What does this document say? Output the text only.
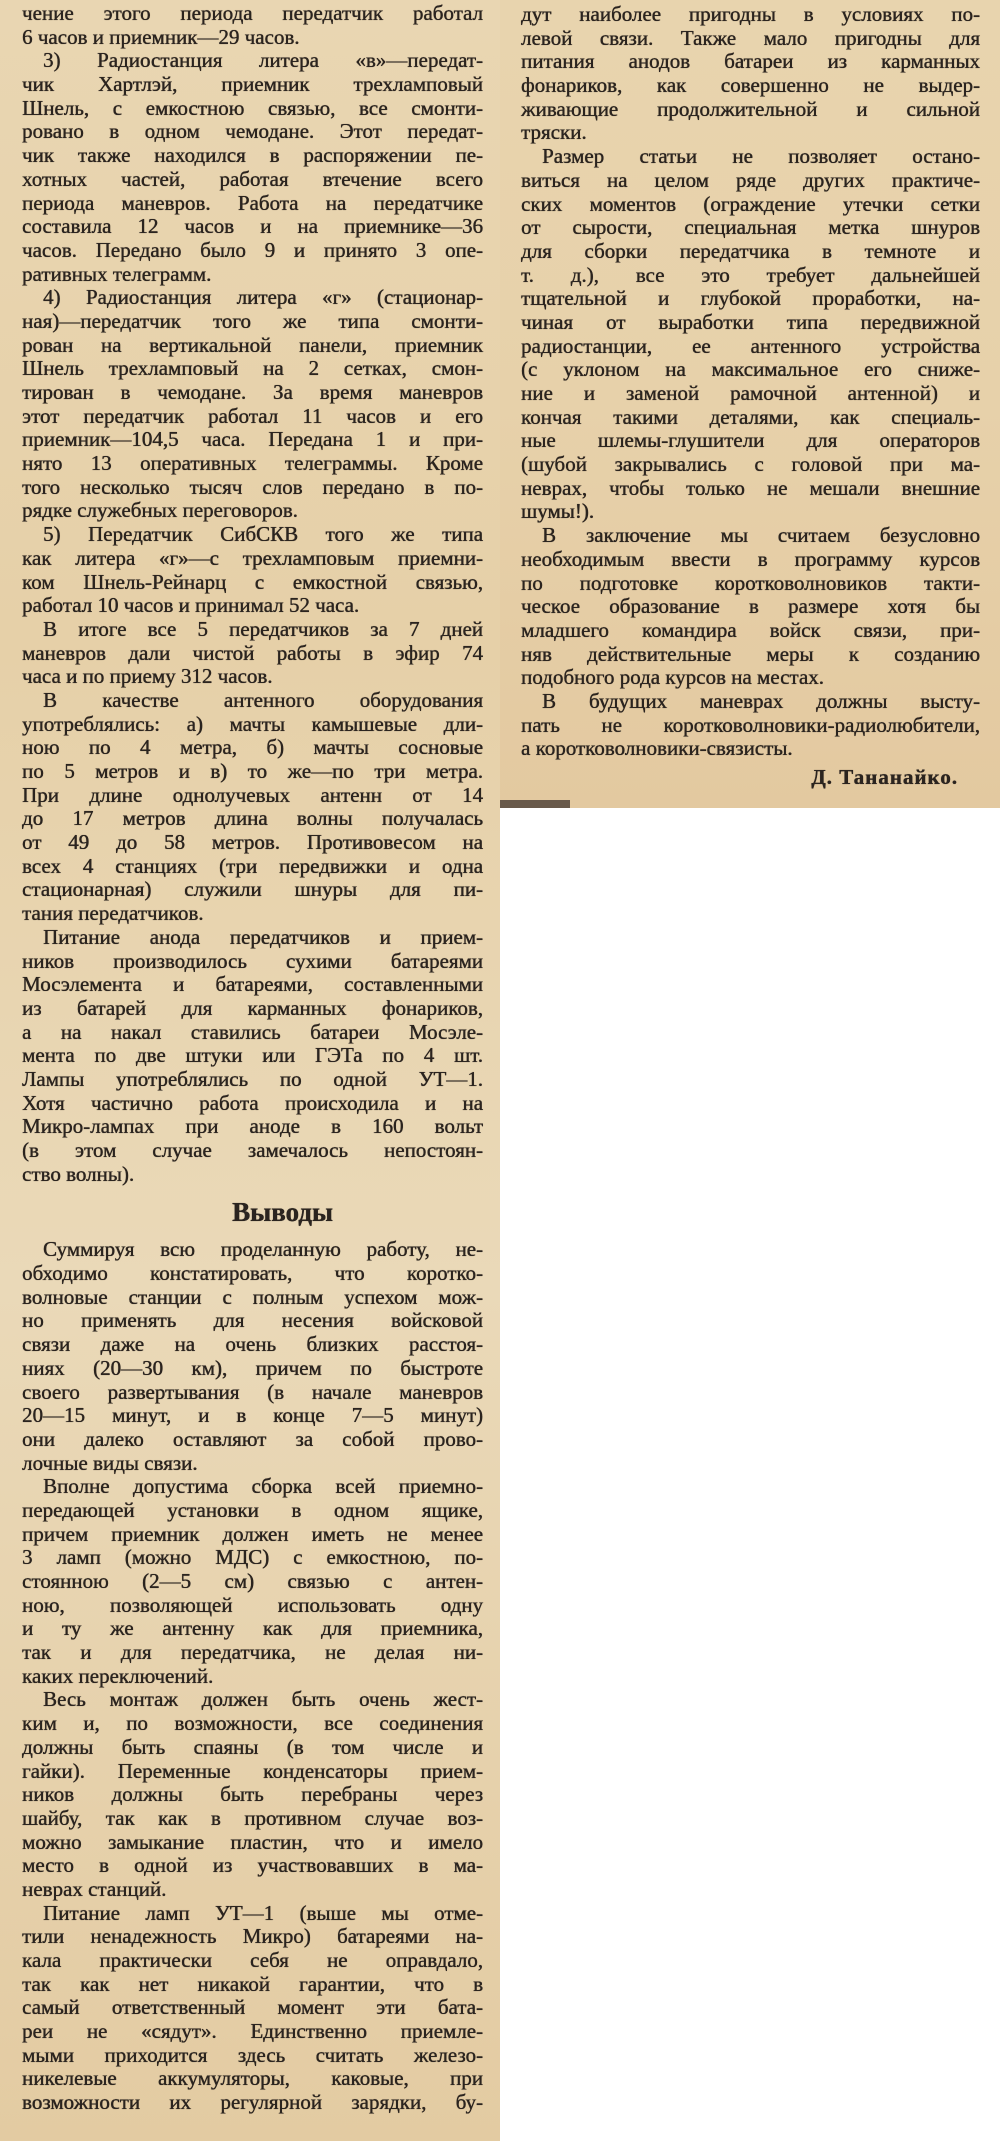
чение этого периода передатчик работал
6 часов и приемник—29 часов.
3) Радиостанция литера «в»—передат-
чик Хартлэй, приемник трехламповый
Шнель, с емкостною связью, все смонти-
ровано в одном чемодане. Этот передат-
чик также находился в распоряжении пе-
хотных частей, работая втечение всего
периода маневров. Работа на передатчике
составила 12 часов и на приемнике—36
часов. Передано было 9 и принято 3 опе-
ративных телеграмм.
4) Радиостанция литера «г» (стационар-
ная)—передатчик того же типа смонти-
рован на вертикальной панели, приемник
Шнель трехламповый на 2 сетках, смон-
тирован в чемодане. За время маневров
этот передатчик работал 11 часов и его
приемник—104,5 часа. Передана 1 и при-
нято 13 оперативных телеграммы. Кроме
того несколько тысяч слов передано в по-
рядке служебных переговоров.
5) Передатчик СибСКВ того же типа
как литера «г»—с трехламповым приемни-
ком Шнель-Рейнарц с емкостной связью,
работал 10 часов и принимал 52 часа.
В итоге все 5 передатчиков за 7 дней
маневров дали чистой работы в эфир 74
часа и по приему 312 часов.
В качестве антенного оборудования
употреблялись: а) мачты камышевые дли-
ною по 4 метра, б) мачты сосновые
по 5 метров и в) то же—по три метра.
При длине однолучевых антенн от 14
до 17 метров длина волны получалась
от 49 до 58 метров. Противовесом на
всех 4 станциях (три передвижки и одна
стационарная) служили шнуры для пи-
тания передатчиков.
Питание анода передатчиков и прием-
ников производилось сухими батареями
Мосэлемента и батареями, составленными
из батарей для карманных фонариков,
а на накал ставились батареи Мосэле-
мента по две штуки или ГЭТа по 4 шт.
Лампы употреблялись по одной УТ—1.
Хотя частично работа происходила и на
Микро-лампах при аноде в 160 вольт
(в этом случае замечалось непостоян-
ство волны).
Выводы
Суммируя всю проделанную работу, не-
обходимо констатировать, что коротко-
волновые станции с полным успехом мож-
но применять для несения войсковой
связи даже на очень близких расстоя-
ниях (20—30 км), причем по быстроте
своего развертывания (в начале маневров
20—15 минут, и в конце 7—5 минут)
они далеко оставляют за собой прово-
лочные виды связи.
Вполне допустима сборка всей приемно-
передающей установки в одном ящике,
причем приемник должен иметь не менее
3 ламп (можно МДС) с емкостною, по-
стоянною (2—5 см) связью с антен-
ною, позволяющей использовать одну
и ту же антенну как для приемника,
так и для передатчика, не делая ни-
каких переключений.
Весь монтаж должен быть очень жест-
ким и, по возможности, все соединения
должны быть спаяны (в том числе и
гайки). Переменные конденсаторы прием-
ников должны быть перебраны через
шайбу, так как в противном случае воз-
можно замыкание пластин, что и имело
место в одной из участвовавших в ма-
неврах станций.
Питание ламп УТ—1 (выше мы отме-
тили ненадежность Микро) батареями на-
кала практически себя не оправдало,
так как нет никакой гарантии, что в
самый ответственный момент эти бата-
реи не «сядут». Единственно приемле-
мыми приходится здесь считать железо-
никелевые аккумуляторы, каковые, при
возможности их регулярной зарядки, бу-
дут наиболее пригодны в условиях по-
левой связи. Также мало пригодны для
питания анодов батареи из карманных
фонариков, как совершенно не выдер-
живающие продолжительной и сильной
тряски.
Размер статьи не позволяет остано-
виться на целом ряде других практиче-
ских моментов (ограждение утечки сетки
от сырости, специальная метка шнуров
для сборки передатчика в темноте и
т. д.), все это требует дальнейшей
тщательной и глубокой проработки, на-
чиная от выработки типа передвижной
радиостанции, ее антенного устройства
(с уклоном на максимальное его сниже-
ние и заменой рамочной антенной) и
кончая такими деталями, как специаль-
ные шлемы-глушители для операторов
(шубой закрывались с головой при ма-
неврах, чтобы только не мешали внешние
шумы!).
В заключение мы считаем безусловно
необходимым ввести в программу курсов
по подготовке коротковолновиков такти-
ческое образование в размере хотя бы
младшего командира войск связи, при-
няв действительные меры к созданию
подобного рода курсов на местах.
В будущих маневрах должны высту-
пать не коротковолновики-радиолюбители,
а коротковолновики-связисты.
Д. Тананайко.
